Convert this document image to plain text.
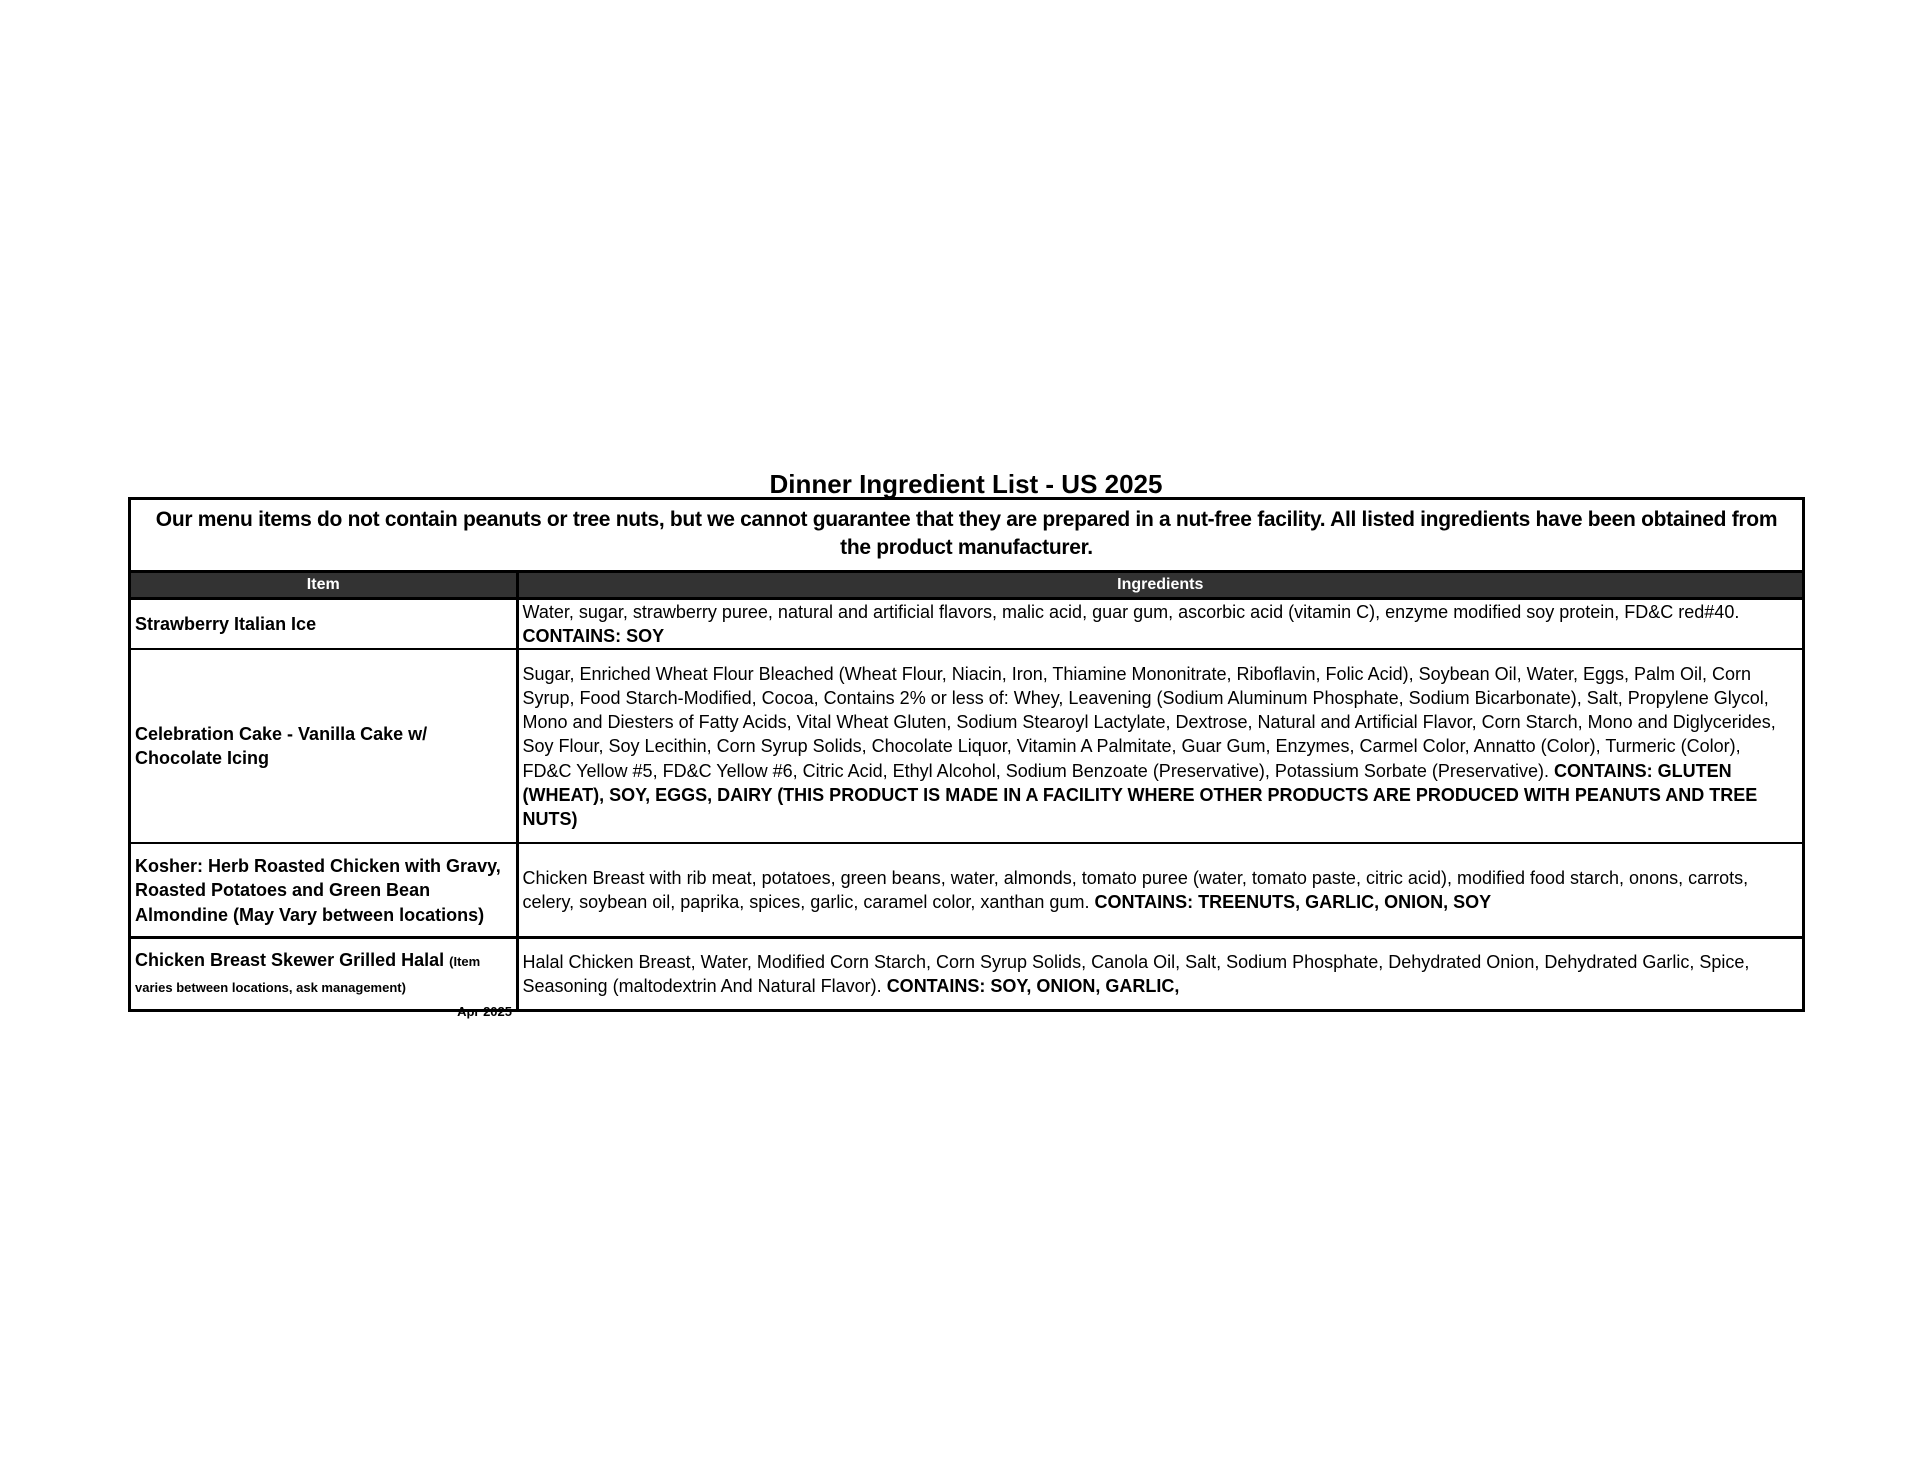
Dinner Ingredient List - US 2025
Our menu items do not contain peanuts or tree nuts, but we cannot guarantee that they are prepared in a nut-free facility. All listed ingredients have been obtained from the product manufacturer.
Item	Ingredients
Strawberry Italian Ice	Water, sugar, strawberry puree, natural and artificial flavors, malic acid, guar gum, ascorbic acid (vitamin C), enzyme modified soy protein, FD&C red#40.   CONTAINS: SOY
Celebration Cake - Vanilla Cake w/ Chocolate Icing	Sugar, Enriched Wheat Flour Bleached (Wheat Flour, Niacin, Iron, Thiamine Mononitrate, Riboflavin, Folic Acid), Soybean Oil, Water, Eggs, Palm Oil, Corn Syrup, Food Starch-Modified, Cocoa, Contains 2% or less of: Whey, Leavening (Sodium Aluminum Phosphate, Sodium Bicarbonate), Salt, Propylene Glycol, Mono and Diesters of Fatty Acids, Vital Wheat Gluten, Sodium Stearoyl Lactylate, Dextrose, Natural and Artificial Flavor, Corn Starch, Mono and Diglycerides, Soy Flour, Soy Lecithin, Corn Syrup Solids, Chocolate Liquor, Vitamin A Palmitate, Guar Gum, Enzymes, Carmel Color, Annatto (Color), Turmeric (Color), FD&C Yellow #5, FD&C Yellow #6, Citric Acid, Ethyl Alcohol, Sodium Benzoate (Preservative), Potassium Sorbate (Preservative). CONTAINS: GLUTEN (WHEAT), SOY, EGGS, DAIRY (THIS PRODUCT IS MADE IN A FACILITY WHERE OTHER PRODUCTS ARE PRODUCED WITH PEANUTS AND TREE NUTS)
Kosher: Herb Roasted Chicken with Gravy, Roasted Potatoes and Green Bean Almondine (May Vary between locations)	Chicken Breast with rib meat, potatoes, green beans, water, almonds, tomato puree (water, tomato paste, citric acid), modified food starch, onons, carrots, celery, soybean oil, paprika, spices, garlic, caramel color, xanthan gum. CONTAINS: TREENUTS, GARLIC, ONION, SOY
Chicken Breast Skewer Grilled Halal (Item varies between locations, ask management)	Halal Chicken Breast, Water, Modified Corn Starch, Corn Syrup Solids, Canola Oil, Salt, Sodium Phosphate, Dehydrated Onion, Dehydrated Garlic, Spice, Seasoning (maltodextrin And Natural Flavor). CONTAINS: SOY, ONION, GARLIC,
Apr 2025
